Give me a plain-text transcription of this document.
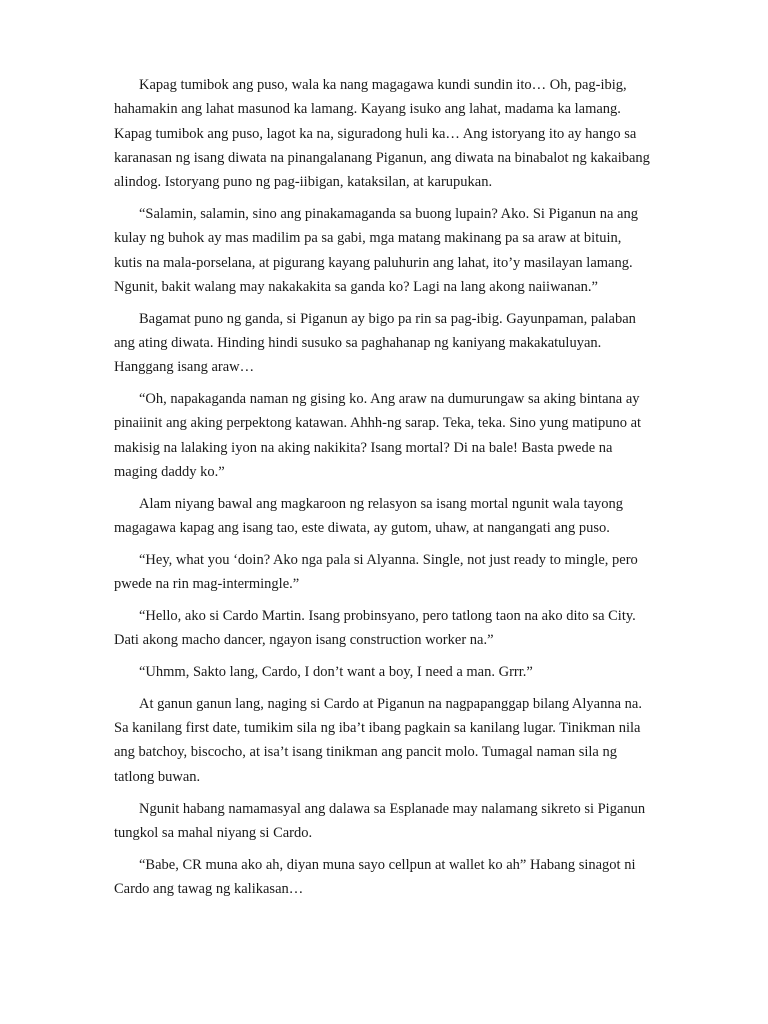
Kapag tumibok ang puso, wala ka nang magagawa kundi sundin ito… Oh, pag-ibig, hahamakin ang lahat masunod ka lamang. Kayang isuko ang lahat, madama ka lamang. Kapag tumibok ang puso, lagot ka na, siguradong huli ka… Ang istoryang ito ay hango sa karanasan ng isang diwata na pinangalanang Piganun, ang diwata na binabalot ng kakaibang alindog. Istoryang puno ng pag-iibigan, kataksilan, at karupukan.

“Salamin, salamin, sino ang pinakamaganda sa buong lupain? Ako. Si Piganun na ang kulay ng buhok ay mas madilim pa sa gabi, mga matang makinang pa sa araw at bituin, kutis na mala-porselana, at pigurang kayang paluhurin ang lahat, ito’y masilayan lamang. Ngunit, bakit walang may nakakakita sa ganda ko? Lagi na lang akong naiiwanan.”

Bagamat puno ng ganda, si Piganun ay bigo pa rin sa pag-ibig. Gayunpaman, palaban ang ating diwata. Hinding hindi susuko sa paghahanap ng kaniyang makakatuluyan. Hanggang isang araw…

“Oh, napakaganda naman ng gising ko. Ang araw na dumurungaw sa aking bintana ay pinaiinit ang aking perpektong katawan. Ahhh-ng sarap. Teka, teka. Sino yung matipuno at makisig na lalaking iyon na aking nakikita? Isang mortal? Di na bale! Basta pwede na maging daddy ko.”

Alam niyang bawal ang magkaroon ng relasyon sa isang mortal ngunit wala tayong magagawa kapag ang isang tao, este diwata, ay gutom, uhaw, at nangangati ang puso.

“Hey, what you ‘doin? Ako nga pala si Alyanna. Single, not just ready to mingle, pero pwede na rin mag-intermingle.”

“Hello, ako si Cardo Martin. Isang probinsyano, pero tatlong taon na ako dito sa City. Dati akong macho dancer, ngayon isang construction worker na.”

“Uhmm, Sakto lang, Cardo, I don’t want a boy, I need a man. Grrr.”

At ganun ganun lang, naging si Cardo at Piganun na nagpapanggap bilang Alyanna na. Sa kanilang first date, tumikim sila ng iba’t ibang pagkain sa kanilang lugar. Tinikman nila ang batchoy, biscocho, at isa’t isang tinikman ang pancit molo. Tumagal naman sila ng tatlong buwan.

Ngunit habang namamasyal ang dalawa sa Esplanade may nalamang sikreto si Piganun tungkol sa mahal niyang si Cardo.

“Babe, CR muna ako ah, diyan muna sayo cellpun at wallet ko ah” Habang sinagot ni Cardo ang tawag ng kalikasan…
